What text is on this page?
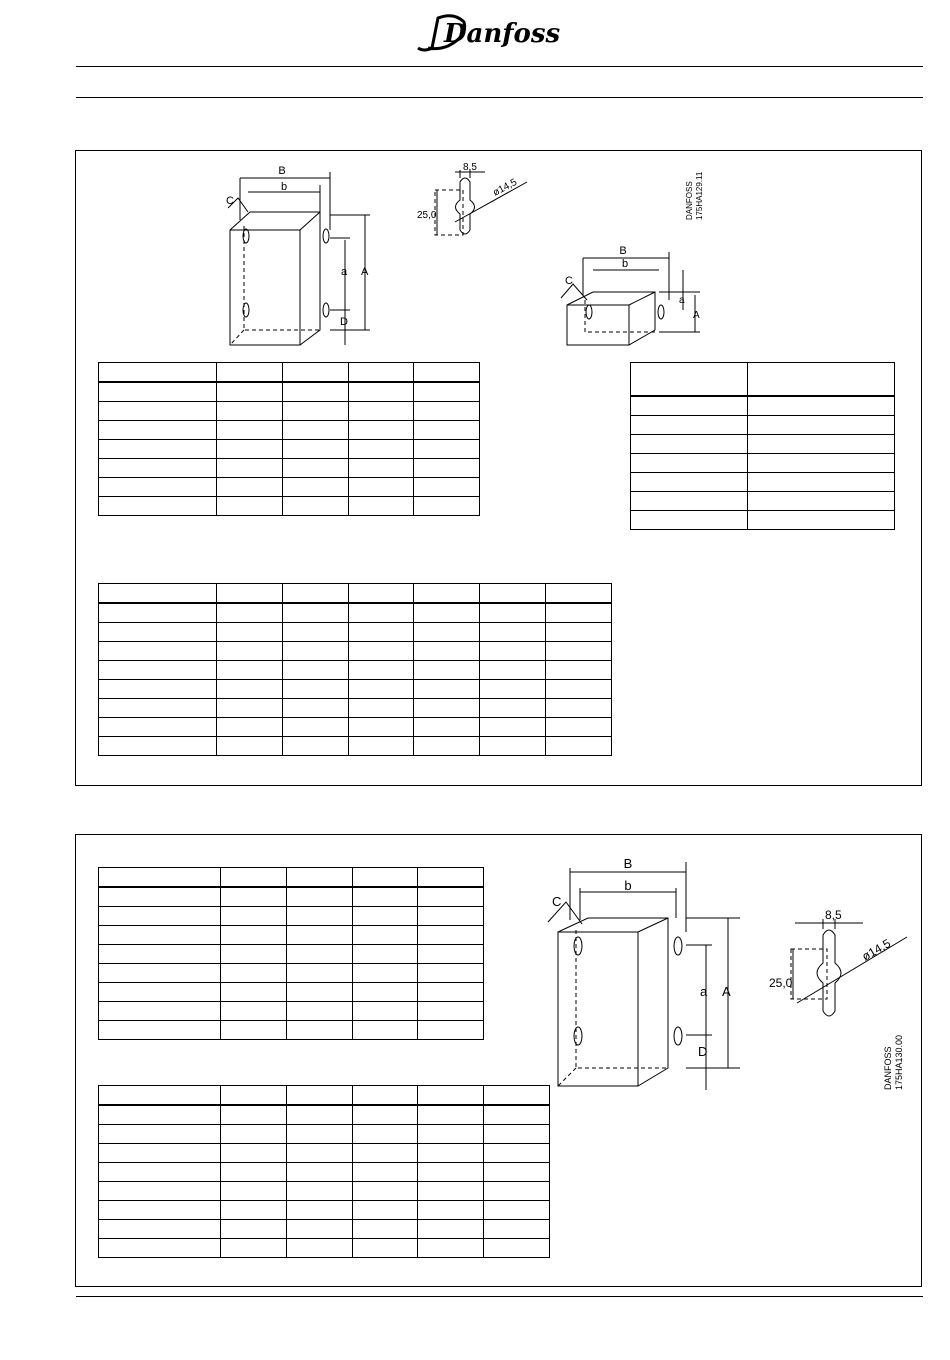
Danfoss
B
b
C
A
a
D
8,5
25,0
ø14,5	DANFOSS 175HA129.11
B
b
C
a
A

B
b
C
A
a
D
8,5
25,0
ø14,5
DANFOSS 175HA130.00
